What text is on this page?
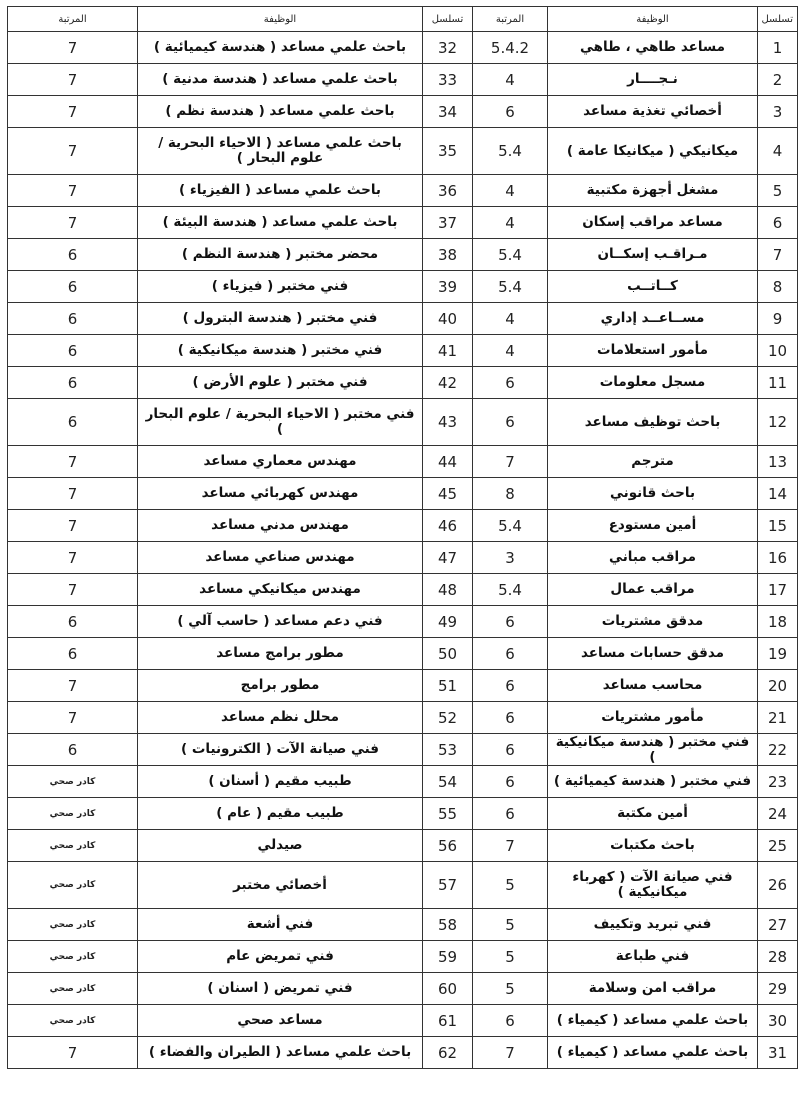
تسلسل	الوظيفة	المرتبة	تسلسل	الوظيفة	المرتبة
1	مساعد طاهي ، طاهي	5.4.2	32	باحث علمي مساعد ( هندسة كيميائية )	7
2	نـجــــار	4	33	باحث علمي مساعد ( هندسة مدنية )	7
3	أخصائي تغذية مساعد	6	34	باحث علمي مساعد ( هندسة نظم )	7
4	ميكانيكي ( ميكانيكا عامة )	5.4	35	باحث علمي مساعد ( الاحياء البحرية / علوم البحار )	7
5	مشغل أجهزة مكتبية	4	36	باحث علمي مساعد ( الفيزياء )	7
6	مساعد مراقب إسكان	4	37	باحث علمي مساعد ( هندسة البيئة )	7
7	مـراقـب إسكــان	5.4	38	محضر مختبر ( هندسة النظم )	6
8	كــاتــب	5.4	39	فني مختبر ( فيزياء )	6
9	مســاعــد إداري	4	40	فني مختبر ( هندسة البترول )	6
10	مأمور استعلامات	4	41	فني مختبر ( هندسة ميكانيكية )	6
11	مسجل معلومات	6	42	فني مختبر ( علوم الأرض )	6
12	باحث توظيف مساعد	6	43	فني مختبر ( الاحياء البحرية / علوم البحار )	6
13	مترجم	7	44	مهندس معماري مساعد	7
14	باحث قانوني	8	45	مهندس كهربائي مساعد	7
15	أمين مستودع	5.4	46	مهندس مدني مساعد	7
16	مراقب مباني	3	47	مهندس صناعي مساعد	7
17	مراقب عمال	5.4	48	مهندس ميكانيكي مساعد	7
18	مدقق مشتريات	6	49	فني دعم مساعد ( حاسب آلي )	6
19	مدقق حسابات مساعد	6	50	مطور برامج مساعد	6
20	محاسب مساعد	6	51	مطور برامج	7
21	مأمور مشتريات	6	52	محلل نظم مساعد	7
22	فني مختبر ( هندسة ميكانيكية )	6	53	فني صيانة الآت ( الكترونيات )	6
23	فني مختبر ( هندسة كيميائية )	6	54	طبيب مقيم ( أسنان )	كادر صحي
24	أمين مكتبة	6	55	طبيب مقيم ( عام )	كادر صحي
25	باحث مكتبات	7	56	صيدلي	كادر صحي
26	فني صيانة الآت ( كهرباء ميكانيكية )	5	57	أخصائي مختبر	كادر صحي
27	فني تبريد وتكييف	5	58	فني أشعة	كادر صحي
28	فني طباعة	5	59	فني تمريض عام	كادر صحي
29	مراقب امن وسلامة	5	60	فني تمريض ( اسنان )	كادر صحي
30	باحث علمي مساعد ( كيمياء )	6	61	مساعد صحي	كادر صحي
31	باحث علمي مساعد ( كيمياء )	7	62	باحث علمي مساعد ( الطيران والفضاء )	7
